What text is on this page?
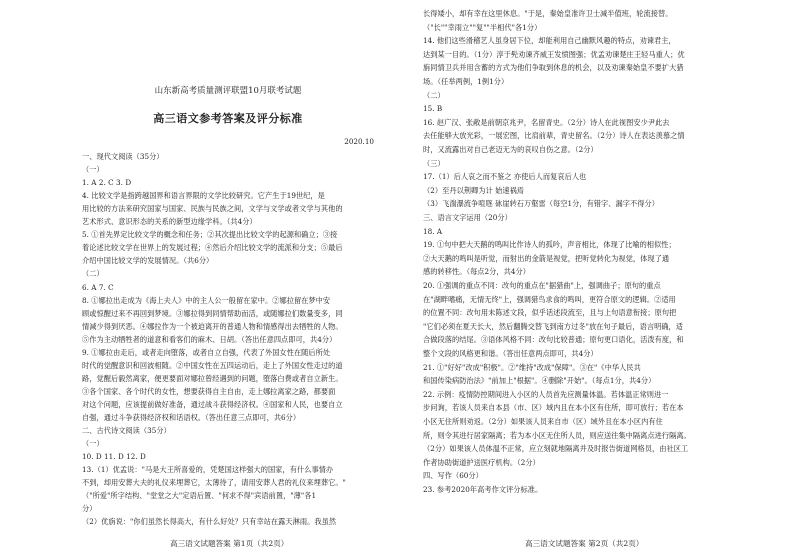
山东新高考质量测评联盟10月联考试题
高三语文参考答案及评分标准
2020.10
一、现代文阅读（35分）
（一）
1. A 2. C 3. D
4. 比较文学是指跨越国界和语言界限的文学比较研究。它产生于19世纪，是
用比较的方法来研究国家与国家、民族与民族之间，文学与文学或者文学与其他的
艺术形式、意识形态的关系的新型边缘学科。（共4分）
5. ①首先界定比较文学的概念和任务；②其次提出比较文学的起源和确立；③接
着论述比较文学在世界上的发展过程；④然后介绍比较文学的流派和分支；⑤最后
介绍中国比较文学的发展情况。（共6分）
（二）
6. A 7. C
8. ①娜拉出走成为《海上夫人》中的主人公一般留在家中。②娜拉留在梦中安
顾或惊醒过来不再回到梦境。③娜拉得到同情帮助而活，或随娜拉们数量变多，同
情减少得到厌恶。④娜拉作为一个被迫离开的普通人物和情感得出去牺牲的人物。
⑤作为主动牺牲者的道意和看客们的麻木、日胡。（答出任意四点即可，共4分）
9. ①娜拉由走后，或者走向堕落，或者自立自强，代表了外国女性在随后所处
时代的觉醒意识和回波相随。②中国女性在五四运动后，走上了外国女性走过的道
路，觉醒后毅然离家，便更要面对娜拉曾经遇到的问题，堕落白费或者自立新生。
③各个国家、各个时代的女性，想要获得自主自由，走上娜拉离家之路，都要面
对这个问题，应该提前做好准备，通过战斗获得经济权。④国家和人民，也要自立
自强，通过斗争获得经济权和话语权。（答出任意三点即可，共6分）
二、古代诗文阅读（35分）
（一）
10. D 11. D 12. D
13.（1）优孟说："马是大王所喜爱的，凭楚国这样强大的国家，有什么事情办
不到，却用安葬大夫的礼仪来埋葬它，太薄待了，请用安葬人君的礼仪来埋葬它。"
（"所爱"所字结构、"堂堂之大"定语后置、"何求不得"宾语前置，"薄"各1
分）
（2）优旃说："你们虽然长得高大，有什么好处？只有幸站在露天淋雨。我虽然
高三语文试题答案 第1页（共2页）
长得矮小，却有幸在这里休息。"于是，秦始皇准许卫士减半值班，轮流接替。
（"长""幸雨立""复""半相代"各1分）
14. 他们这些滑稽艺人虽身居下位，却能利用自己幽默风趣的特点，劝谏君主，
达到某一目的。（1分）淳于髡劝谏齐威王发愤图强；优孟劝谏楚庄王轻马重人；优
旃同情卫兵并用含蓄的方式为他们争取到休息的机会，以及劝谏秦始皇不要扩大猎
场。（任举两例，1例1分）
（二）
15. B
16. 赵广汉、张敞是前朝京兆尹，名留青史。（2分）诗人在此视图安少尹此去
去任能够大放光彩，一展宏图，比肩前辈，青史留名。（2分）诗人在表达羡慕之情
时，又流露出对自己老迈无为的哀叹自伤之意。（2分）
（三）
17.（1）后人哀之而不鉴之 亦使后人而复哀后人也
（2）至丹以荆卿为计 始速祸焉
（3）飞湍瀑流争喧豗 砯崖转石万壑雷（每空1分，有错字、漏字不得分）
三、语言文字运用（20分）
18. A
19. ①句中把大天鹅的鸣叫比作诗人的孤吟，声音相比，体现了比喻的相似性；
②大天鹅的鸣叫是听觉，而射出的金箭是视觉，把听觉转化为视觉，体现了通
感的转移性。（每点2分，共4分）
20. ①强调的重点不同：改句的重点在"据猎曲"上，强调曲子；原句的重点
在"湖畔嗜痛，无情无终"上，强调猎鸟求食的鸣叫，更符合原文的逻辑。②适用
的位置不同：改句用未陈述文段，似乎话述段流至，且与上句语意衔接；原句把
"它们必须在夏天长大，然后翻腾交替飞到南方过冬"放在句子最后，语言明确，适
合做段落的结尾。③语体风格不同：改句比较普通；原句更口语化，活泼有度，和
整个文段的风格更和谐。（答出任意两点即可，共4分）
21. ①"好好"改成"积极"。②"维持"改成"保障"。③在"《中华人民共
和国传染病防治法》"前加上"根据"。④删除"开始"。（每点1分，共4分）
22. 示例：疫情防控期间进入小区的人员首先应测量体温。若体温正常则进一
步问询，若该人员来自本县（市、区）域内且在本小区有住所，即可放行；若在本
小区无住所则劝返。（2分）如果该人员来自市（区）域外且在本小区内有住
所，则令其进行居家隔离；若为本小区无住所人员，则应送往集中隔离点进行隔离。
（2分）如果该人员体温不正常，应立刻就地隔离并及时报告街道网格员，由社区工
作者协助街道护送医疗机构。（2分）
四、写作（60分）
23. 参考2020年高考作文评分标准。
高三语文试题答案 第2页（共2页）
